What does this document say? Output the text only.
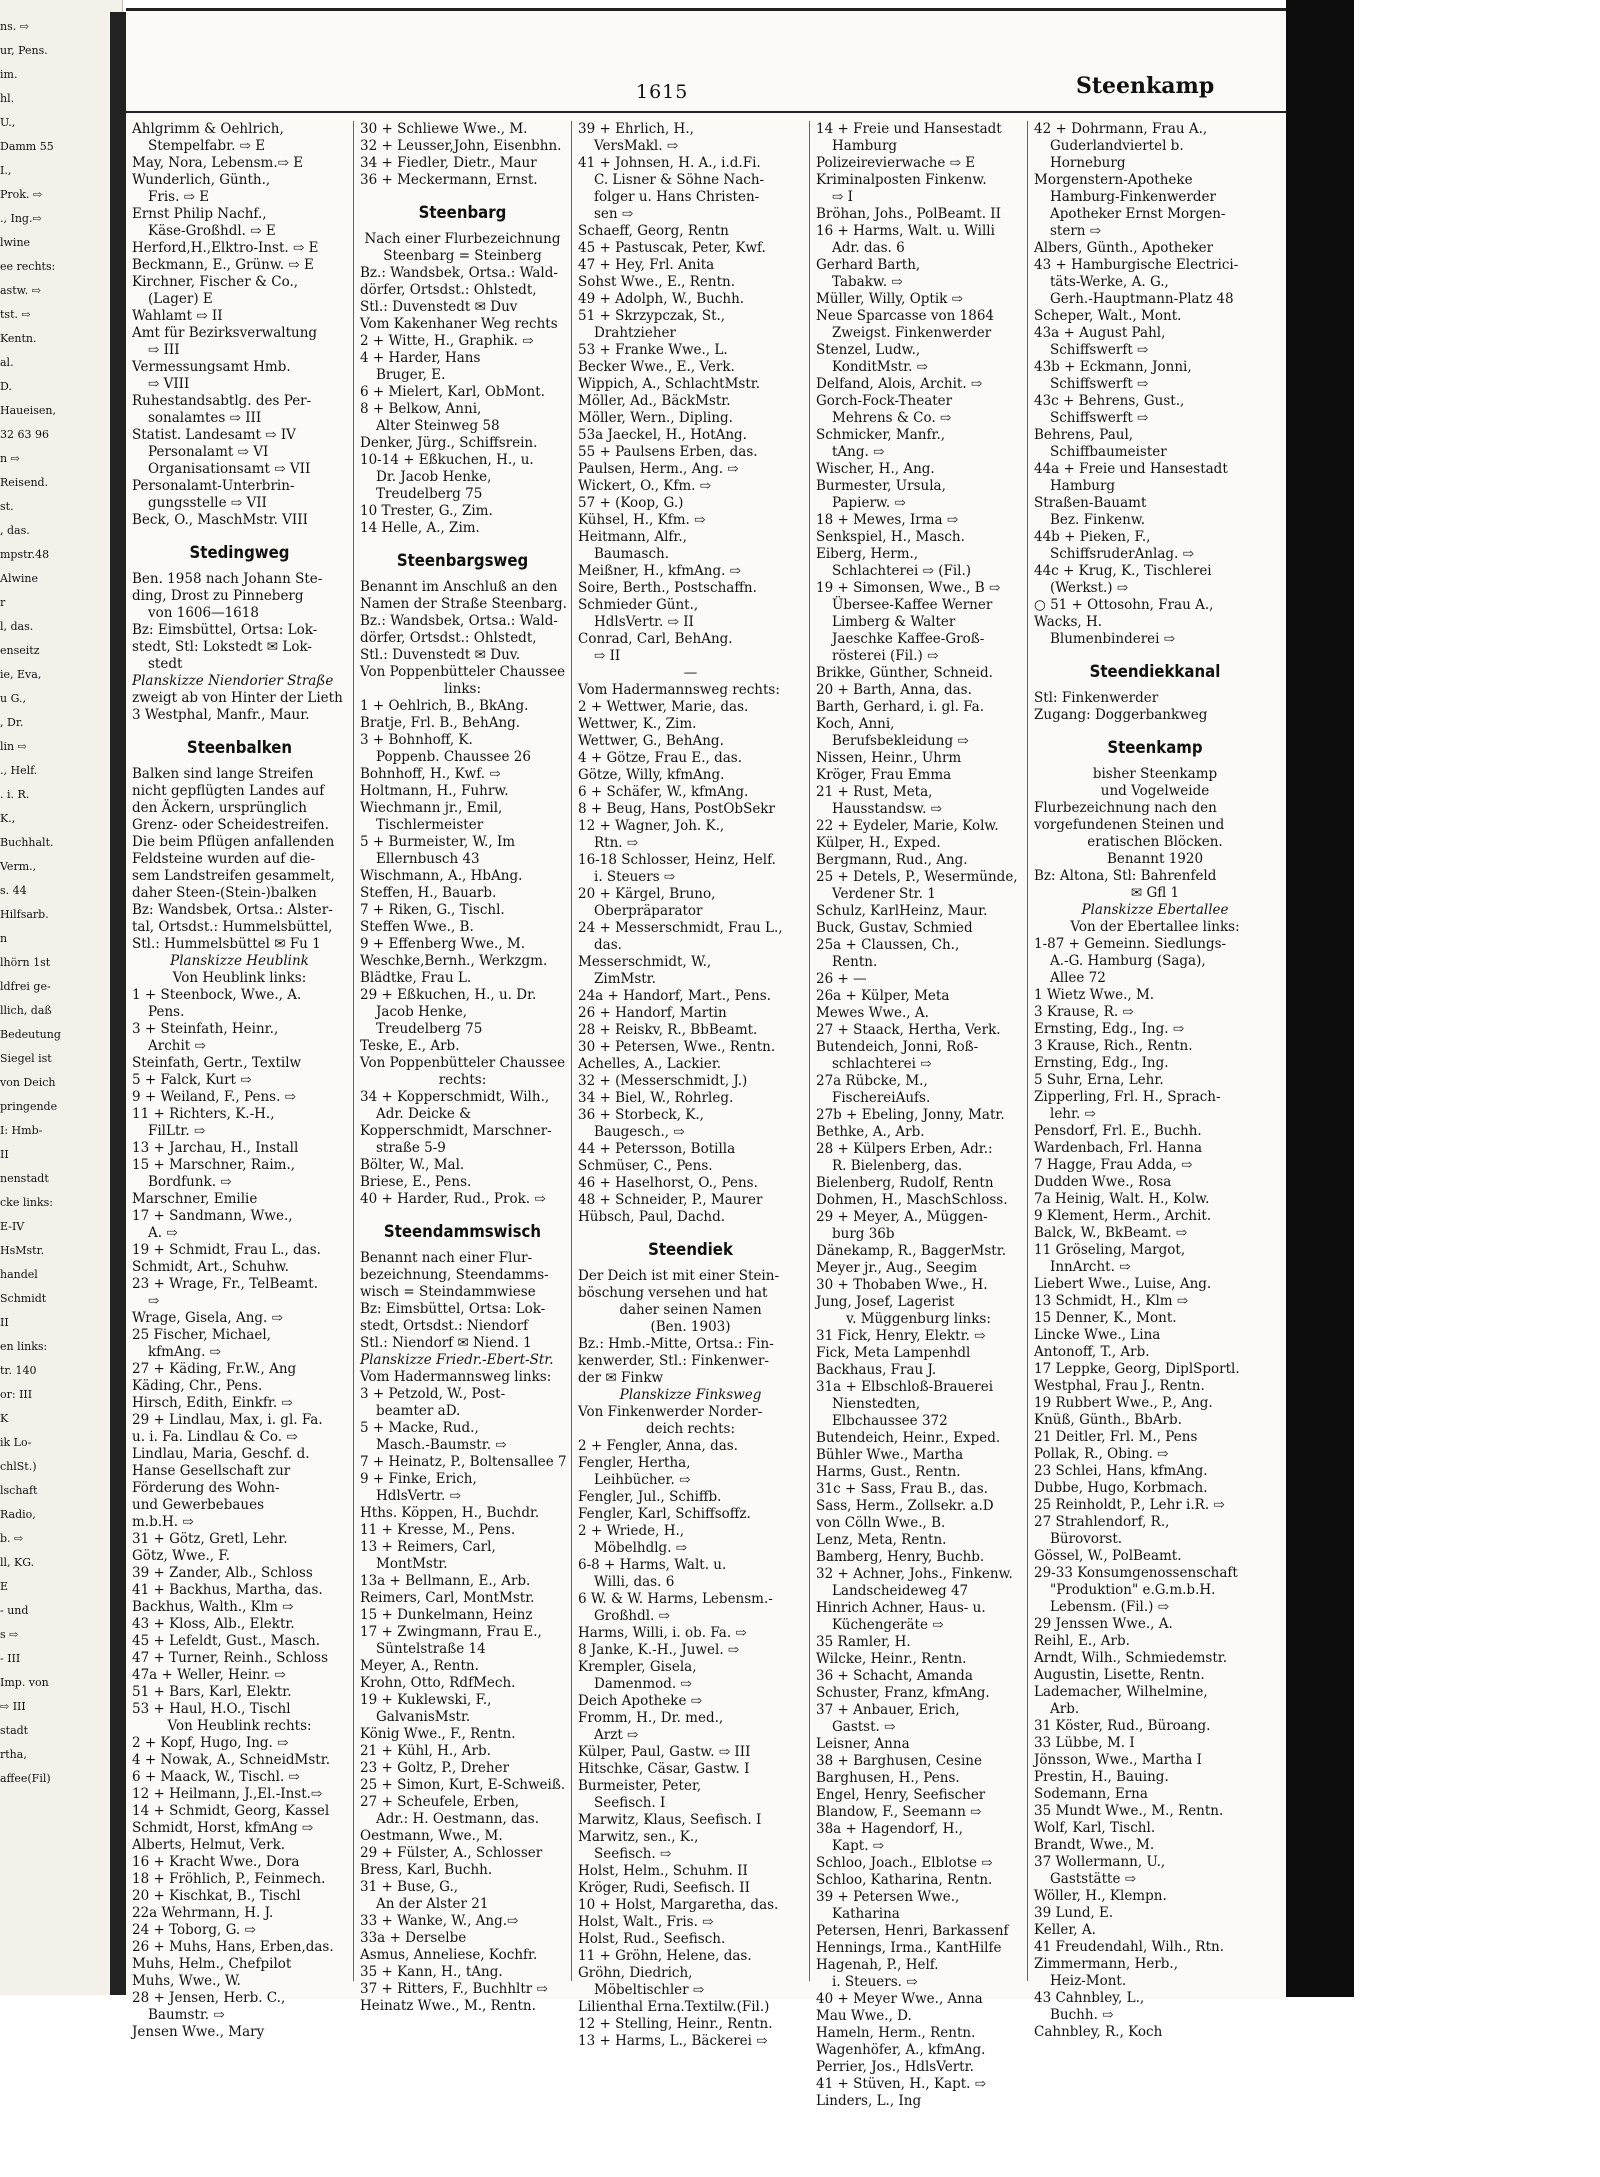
ns. ⇨
ur, Pens.
im.
hl.
U.,
Damm 55
I.,
Prok. ⇨
., Ing.⇨
lwine
ee rechts:
astw. ⇨
tst. ⇨
Kentn.
al.
D.
Haueisen,
32 63 96
n ⇨
Reisend.
st.
, das.
mpstr.48
Alwine
r
l, das.
enseitz
ie, Eva,
u G.,
, Dr.
lin ⇨
., Helf.
. i. R.
K.,
Buchhalt.
Verm.,
s. 44
Hilfsarb.
n
lhörn 1st
ldfrei ge-
llich, daß
Bedeutung
Siegel ist
von Deich
pringende
I: Hmb-
II
nenstadt
cke links:
E-IV
HsMstr.
handel
Schmidt
II
en links:
tr. 140
or: III
K
ik Lo-
chlSt.)
lschaft
Radio,
b. ⇨
ll, KG.
E
- und
s ⇨
- III
Imp. von
⇨ III
stadt
rtha,
affee(Fil)
1615	Steenkamp
Ahlgrimm & Oehlrich,
Stempelfabr. ⇨ E
May, Nora, Lebensm.⇨ E
Wunderlich, Günth.,
Fris. ⇨ E
Ernst Philip Nachf.,
Käse-Großhdl. ⇨ E
Herford,H.,Elktro-Inst. ⇨ E
Beckmann, E., Grünw. ⇨ E
Kirchner, Fischer & Co.,
(Lager) E
Wahlamt ⇨ II
Amt für Bezirksverwaltung
⇨ III
Vermessungsamt Hmb.
⇨ VIII
Ruhestandsabtlg. des Per-
sonalamtes ⇨ III
Statist. Landesamt ⇨ IV
Personalamt ⇨ VI
Organisationsamt ⇨ VII
Personalamt-Unterbrin-
gungsstelle ⇨ VII
Beck, O., MaschMstr. VIII
Stedingweg
Ben. 1958 nach Johann Ste-
ding, Drost zu Pinneberg
von 1606—1618
Bz: Eimsbüttel, Ortsa: Lok-
stedt, Stl: Lokstedt ✉ Lok-
stedt
Planskizze Niendorier Straße
zweigt ab von Hinter der Lieth
3 Westphal, Manfr., Maur.
Steenbalken
Balken sind lange Streifen
nicht gepflügten Landes auf
den Äckern, ursprünglich
Grenz- oder Scheidestreifen.
Die beim Pflügen anfallenden
Feldsteine wurden auf die-
sem Landstreifen gesammelt,
daher Steen-(Stein-)balken
Bz: Wandsbek, Ortsa.: Alster-
tal, Ortsdst.: Hummelsbüttel,
Stl.: Hummelsbüttel ✉ Fu 1
Planskizze Heublink
Von Heublink links:
1 + Steenbock, Wwe., A.
Pens.
3 + Steinfath, Heinr.,
Archit ⇨
Steinfath, Gertr., Textilw
5 + Falck, Kurt ⇨
9 + Weiland, F., Pens. ⇨
11 + Richters, K.-H.,
FilLtr. ⇨
13 + Jarchau, H., Install
15 + Marschner, Raim.,
Bordfunk. ⇨
Marschner, Emilie
17 + Sandmann, Wwe.,
A. ⇨
19 + Schmidt, Frau L., das.
Schmidt, Art., Schuhw.
23 + Wrage, Fr., TelBeamt.
⇨
Wrage, Gisela, Ang. ⇨
25 Fischer, Michael,
kfmAng. ⇨
27 + Käding, Fr.W., Ang
Käding, Chr., Pens.
Hirsch, Edith, Einkfr. ⇨
29 + Lindlau, Max, i. gl. Fa.
u. i. Fa. Lindlau & Co. ⇨
Lindlau, Maria, Geschf. d.
Hanse Gesellschaft zur
Förderung des Wohn-
und Gewerbebaues
m.b.H. ⇨
31 + Götz, Gretl, Lehr.
Götz, Wwe., F.
39 + Zander, Alb., Schloss
41 + Backhus, Martha, das.
Backhus, Walth., Klm ⇨
43 + Kloss, Alb., Elektr.
45 + Lefeldt, Gust., Masch.
47 + Turner, Reinh., Schloss
47a + Weller, Heinr. ⇨
51 + Bars, Karl, Elektr.
53 + Haul, H.O., Tischl
Von Heublink rechts:
2 + Kopf, Hugo, Ing. ⇨
4 + Nowak, A., SchneidMstr.
6 + Maack, W., Tischl. ⇨
12 + Heilmann, J.,El.-Inst.⇨
14 + Schmidt, Georg, Kassel
Schmidt, Horst, kfmAng ⇨
Alberts, Helmut, Verk.
16 + Kracht Wwe., Dora
18 + Fröhlich, P., Feinmech.
20 + Kischkat, B., Tischl
22a Wehrmann, H. J.
24 + Toborg, G. ⇨
26 + Muhs, Hans, Erben,das.
Muhs, Helm., Chefpilot
Muhs, Wwe., W.
28 + Jensen, Herb. C.,
Baumstr. ⇨
Jensen Wwe., Mary
30 + Schliewe Wwe., M.
32 + Leusser,John, Eisenbhn.
34 + Fiedler, Dietr., Maur
36 + Meckermann, Ernst.
Steenbarg
Nach einer Flurbezeichnung
Steenbarg = Steinberg
Bz.: Wandsbek, Ortsa.: Wald-
dörfer, Ortsdst.: Ohlstedt,
Stl.: Duvenstedt ✉ Duv
Vom Kakenhaner Weg rechts
2 + Witte, H., Graphik. ⇨
4 + Harder, Hans
Bruger, E.
6 + Mielert, Karl, ObMont.
8 + Belkow, Anni,
Alter Steinweg 58
Denker, Jürg., Schiffsrein.
10-14 + Eßkuchen, H., u.
Dr. Jacob Henke,
Treudelberg 75
10 Trester, G., Zim.
14 Helle, A., Zim.
Steenbargsweg
Benannt im Anschluß an den
Namen der Straße Steenbarg.
Bz.: Wandsbek, Ortsa.: Wald-
dörfer, Ortsdst.: Ohlstedt,
Stl.: Duvenstedt ✉ Duv.
Von Poppenbütteler Chaussee
links:
1 + Oehlrich, B., BkAng.
Bratje, Frl. B., BehAng.
3 + Bohnhoff, K.
Poppenb. Chaussee 26
Bohnhoff, H., Kwf. ⇨
Holtmann, H., Fuhrw.
Wiechmann jr., Emil,
Tischlermeister
5 + Burmeister, W., Im
Ellernbusch 43
Wischmann, A., HbAng.
Steffen, H., Bauarb.
7 + Riken, G., Tischl.
Steffen Wwe., B.
9 + Effenberg Wwe., M.
Weschke,Bernh., Werkzgm.
Blädtke, Frau L.
29 + Eßkuchen, H., u. Dr.
Jacob Henke,
Treudelberg 75
Teske, E., Arb.
Von Poppenbütteler Chaussee
rechts:
34 + Kopperschmidt, Wilh.,
Adr. Deicke &
Kopperschmidt, Marschner-
straße 5-9
Bölter, W., Mal.
Briese, E., Pens.
40 + Harder, Rud., Prok. ⇨
Steendammswisch
Benannt nach einer Flur-
bezeichnung, Steendamms-
wisch = Steindammwiese
Bz: Eimsbüttel, Ortsa: Lok-
stedt, Ortsdst.: Niendorf
Stl.: Niendorf ✉ Niend. 1
Planskizze Friedr.-Ebert-Str.
Vom Hadermannsweg links:
3 + Petzold, W., Post-
beamter aD.
5 + Macke, Rud.,
Masch.-Baumstr. ⇨
7 + Heinatz, P., Boltensallee 7
9 + Finke, Erich,
HdlsVertr. ⇨
Hths. Köppen, H., Buchdr.
11 + Kresse, M., Pens.
13 + Reimers, Carl,
MontMstr.
13a + Bellmann, E., Arb.
Reimers, Carl, MontMstr.
15 + Dunkelmann, Heinz
17 + Zwingmann, Frau E.,
Süntelstraße 14
Meyer, A., Rentn.
Krohn, Otto, RdfMech.
19 + Kuklewski, F.,
GalvanisMstr.
König Wwe., F., Rentn.
21 + Kühl, H., Arb.
23 + Goltz, P., Dreher
25 + Simon, Kurt, E-Schweiß.
27 + Scheufele, Erben,
Adr.: H. Oestmann, das.
Oestmann, Wwe., M.
29 + Fülster, A., Schlosser
Bress, Karl, Buchh.
31 + Buse, G.,
An der Alster 21
33 + Wanke, W., Ang.⇨
33a + Derselbe
Asmus, Anneliese, Kochfr.
35 + Kann, H., tAng.
37 + Ritters, F., Buchhltr ⇨
Heinatz Wwe., M., Rentn.
39 + Ehrlich, H.,
VersMakl. ⇨
41 + Johnsen, H. A., i.d.Fi.
C. Lisner & Söhne Nach-
folger u. Hans Christen-
sen ⇨
Schaeff, Georg, Rentn
45 + Pastuscak, Peter, Kwf.
47 + Hey, Frl. Anita
Sohst Wwe., E., Rentn.
49 + Adolph, W., Buchh.
51 + Skrzypczak, St.,
Drahtzieher
53 + Franke Wwe., L.
Becker Wwe., E., Verk.
Wippich, A., SchlachtMstr.
Möller, Ad., BäckMstr.
Möller, Wern., Dipling.
53a Jaeckel, H., HotAng.
55 + Paulsens Erben, das.
Paulsen, Herm., Ang. ⇨
Wickert, O., Kfm. ⇨
57 + (Koop, G.)
Kühsel, H., Kfm. ⇨
Heitmann, Alfr.,
Baumasch.
Meißner, H., kfmAng. ⇨
Soire, Berth., Postschaffn.
Schmieder Günt.,
HdlsVertr. ⇨ II
Conrad, Carl, BehAng.
⇨ II
—
Vom Hadermannsweg rechts:
2 + Wettwer, Marie, das.
Wettwer, K., Zim.
Wettwer, G., BehAng.
4 + Götze, Frau E., das.
Götze, Willy, kfmAng.
6 + Schäfer, W., kfmAng.
8 + Beug, Hans, PostObSekr
12 + Wagner, Joh. K.,
Rtn. ⇨
16-18 Schlosser, Heinz, Helf.
i. Steuers ⇨
20 + Kärgel, Bruno,
Oberpräparator
24 + Messerschmidt, Frau L.,
das.
Messerschmidt, W.,
ZimMstr.
24a + Handorf, Mart., Pens.
26 + Handorf, Martin
28 + Reiskv, R., BbBeamt.
30 + Petersen, Wwe., Rentn.
Achelles, A., Lackier.
32 + (Messerschmidt, J.)
34 + Biel, W., Rohrleg.
36 + Storbeck, K.,
Baugesch., ⇨
44 + Petersson, Botilla
Schmüser, C., Pens.
46 + Haselhorst, O., Pens.
48 + Schneider, P., Maurer
Hübsch, Paul, Dachd.
Steendiek
Der Deich ist mit einer Stein-
böschung versehen und hat
daher seinen Namen
(Ben. 1903)
Bz.: Hmb.-Mitte, Ortsa.: Fin-
kenwerder, Stl.: Finkenwer-
der ✉ Finkw
Planskizze Finksweg
Von Finkenwerder Norder-
deich rechts:
2 + Fengler, Anna, das.
Fengler, Hertha,
Leihbücher. ⇨
Fengler, Jul., Schiffb.
Fengler, Karl, Schiffsoffz.
2 + Wriede, H.,
Möbelhdlg. ⇨
6-8 + Harms, Walt. u.
Willi, das. 6
6 W. & W. Harms, Lebensm.-
Großhdl. ⇨
Harms, Willi, i. ob. Fa. ⇨
8 Janke, K.-H., Juwel. ⇨
Krempler, Gisela,
Damenmod. ⇨
Deich Apotheke ⇨
Fromm, H., Dr. med.,
Arzt ⇨
Külper, Paul, Gastw. ⇨ III
Hitschke, Cäsar, Gastw. I
Burmeister, Peter,
Seefisch. I
Marwitz, Klaus, Seefisch. I
Marwitz, sen., K.,
Seefisch. ⇨
Holst, Helm., Schuhm. II
Kröger, Rudi, Seefisch. II
10 + Holst, Margaretha, das.
Holst, Walt., Fris. ⇨
Holst, Rud., Seefisch.
11 + Gröhn, Helene, das.
Gröhn, Diedrich,
Möbeltischler ⇨
Lilienthal Erna.Textilw.(Fil.)
12 + Stelling, Heinr., Rentn.
13 + Harms, L., Bäckerei ⇨
14 + Freie und Hansestadt
Hamburg
Polizeirevierwache ⇨ E
Kriminalposten Finkenw.
⇨ I
Bröhan, Johs., PolBeamt. II
16 + Harms, Walt. u. Willi
Adr. das. 6
Gerhard Barth,
Tabakw. ⇨
Müller, Willy, Optik ⇨
Neue Sparcasse von 1864
Zweigst. Finkenwerder
Stenzel, Ludw.,
KonditMstr. ⇨
Delfand, Alois, Archit. ⇨
Gorch-Fock-Theater
Mehrens & Co. ⇨
Schmicker, Manfr.,
tAng. ⇨
Wischer, H., Ang.
Burmester, Ursula,
Papierw. ⇨
18 + Mewes, Irma ⇨
Senkspiel, H., Masch.
Eiberg, Herm.,
Schlachterei ⇨ (Fil.)
19 + Simonsen, Wwe., B ⇨
Übersee-Kaffee Werner
Limberg & Walter
Jaeschke Kaffee-Groß-
rösterei (Fil.) ⇨
Brikke, Günther, Schneid.
20 + Barth, Anna, das.
Barth, Gerhard, i. gl. Fa.
Koch, Anni,
Berufsbekleidung ⇨
Nissen, Heinr., Uhrm
Kröger, Frau Emma
21 + Rust, Meta,
Hausstandsw. ⇨
22 + Eydeler, Marie, Kolw.
Külper, H., Exped.
Bergmann, Rud., Ang.
25 + Detels, P., Wesermünde,
Verdener Str. 1
Schulz, KarlHeinz, Maur.
Buck, Gustav, Schmied
25a + Claussen, Ch.,
Rentn.
26 + —
26a + Külper, Meta
Mewes Wwe., A.
27 + Staack, Hertha, Verk.
Butendeich, Jonni, Roß-
schlachterei ⇨
27a Rübcke, M.,
FischereiAufs.
27b + Ebeling, Jonny, Matr.
Bethke, A., Arb.
28 + Külpers Erben, Adr.:
R. Bielenberg, das.
Bielenberg, Rudolf, Rentn
Dohmen, H., MaschSchloss.
29 + Meyer, A., Müggen-
burg 36b
Dänekamp, R., BaggerMstr.
Meyer jr., Aug., Seegim
30 + Thobaben Wwe., H.
Jung, Josef, Lagerist
v. Müggenburg links:
31 Fick, Henry, Elektr. ⇨
Fick, Meta Lampenhdl
Backhaus, Frau J.
31a + Elbschloß-Brauerei
Nienstedten,
Elbchaussee 372
Butendeich, Heinr., Exped.
Bühler Wwe., Martha
Harms, Gust., Rentn.
31c + Sass, Frau B., das.
Sass, Herm., Zollsekr. a.D
von Cölln Wwe., B.
Lenz, Meta, Rentn.
Bamberg, Henry, Buchb.
32 + Achner, Johs., Finkenw.
Landscheideweg 47
Hinrich Achner, Haus- u.
Küchengeräte ⇨
35 Ramler, H.
Wilcke, Heinr., Rentn.
36 + Schacht, Amanda
Schuster, Franz, kfmAng.
37 + Anbauer, Erich,
Gastst. ⇨
Leisner, Anna
38 + Barghusen, Cesine
Barghusen, H., Pens.
Engel, Henry, Seefischer
Blandow, F., Seemann ⇨
38a + Hagendorf, H.,
Kapt. ⇨
Schloo, Joach., Elblotse ⇨
Schloo, Katharina, Rentn.
39 + Petersen Wwe.,
Katharina
Petersen, Henri, Barkassenf
Hennings, Irma., KantHilfe
Hagenah, P., Helf.
i. Steuers. ⇨
40 + Meyer Wwe., Anna
Mau Wwe., D.
Hameln, Herm., Rentn.
Wagenhöfer, A., kfmAng.
Perrier, Jos., HdlsVertr.
41 + Stüven, H., Kapt. ⇨
Linders, L., Ing
42 + Dohrmann, Frau A.,
Guderlandviertel b.
Horneburg
Morgenstern-Apotheke
Hamburg-Finkenwerder
Apotheker Ernst Morgen-
stern ⇨
Albers, Günth., Apotheker
43 + Hamburgische Electrici-
täts-Werke, A. G.,
Gerh.-Hauptmann-Platz 48
Scheper, Walt., Mont.
43a + August Pahl,
Schiffswerft ⇨
43b + Eckmann, Jonni,
Schiffswerft ⇨
43c + Behrens, Gust.,
Schiffswerft ⇨
Behrens, Paul,
Schiffbaumeister
44a + Freie und Hansestadt
Hamburg
Straßen-Bauamt
Bez. Finkenw.
44b + Pieken, F.,
SchiffsruderAnlag. ⇨
44c + Krug, K., Tischlerei
(Werkst.) ⇨
○ 51 + Ottosohn, Frau A.,
Wacks, H.
Blumenbinderei ⇨
Steendiekkanal
Stl: Finkenwerder
Zugang: Doggerbankweg
Steenkamp
bisher Steenkamp
und Vogelweide
Flurbezeichnung nach den
vorgefundenen Steinen und
eratischen Blöcken.
Benannt 1920
Bz: Altona, Stl: Bahrenfeld
✉ Gfl 1
Planskizze Ebertallee
Von der Ebertallee links:
1-87 + Gemeinn. Siedlungs-
A.-G. Hamburg (Saga),
Allee 72
1 Wietz Wwe., M.
3 Krause, R. ⇨
Ernsting, Edg., Ing. ⇨
3 Krause, Rich., Rentn.
Ernsting, Edg., Ing.
5 Suhr, Erna, Lehr.
Zipperling, Frl. H., Sprach-
lehr. ⇨
Pensdorf, Frl. E., Buchh.
Wardenbach, Frl. Hanna
7 Hagge, Frau Adda, ⇨
Dudden Wwe., Rosa
7a Heinig, Walt. H., Kolw.
9 Klement, Herm., Archit.
Balck, W., BkBeamt. ⇨
11 Gröseling, Margot,
InnArcht. ⇨
Liebert Wwe., Luise, Ang.
13 Schmidt, H., Klm ⇨
15 Denner, K., Mont.
Lincke Wwe., Lina
Antonoff, T., Arb.
17 Leppke, Georg, DiplSportl.
Westphal, Frau J., Rentn.
19 Rubbert Wwe., P., Ang.
Knüß, Günth., BbArb.
21 Deitler, Frl. M., Pens
Pollak, R., Obing. ⇨
23 Schlei, Hans, kfmAng.
Dubbe, Hugo, Korbmach.
25 Reinholdt, P., Lehr i.R. ⇨
27 Strahlendorf, R.,
Bürovorst.
Gössel, W., PolBeamt.
29-33 Konsumgenossenschaft
"Produktion" e.G.m.b.H.
Lebensm. (Fil.) ⇨
29 Jenssen Wwe., A.
Reihl, E., Arb.
Arndt, Wilh., Schmiedemstr.
Augustin, Lisette, Rentn.
Lademacher, Wilhelmine,
Arb.
31 Köster, Rud., Büroang.
33 Lübbe, M. I
Jönsson, Wwe., Martha I
Prestin, H., Bauing.
Sodemann, Erna
35 Mundt Wwe., M., Rentn.
Wolf, Karl, Tischl.
Brandt, Wwe., M.
37 Wollermann, U.,
Gaststätte ⇨
Wöller, H., Klempn.
39 Lund, E.
Keller, A.
41 Freudendahl, Wilh., Rtn.
Zimmermann, Herb.,
Heiz-Mont.
43 Cahnbley, L.,
Buchh. ⇨
Cahnbley, R., Koch
